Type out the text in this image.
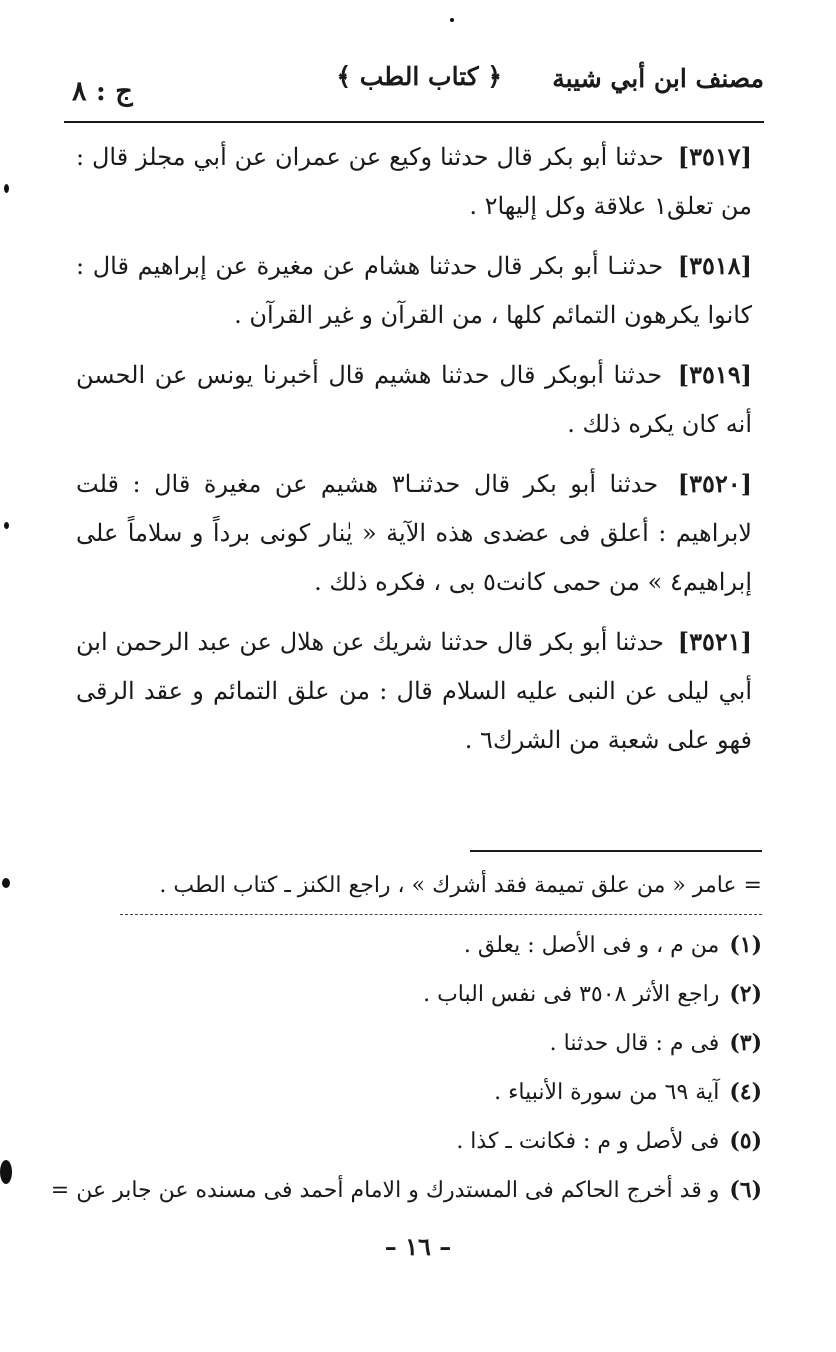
مصنف ابن أبي شيبة
﴿ كتاب الطب ﴾
ج : ٨

[ ٣٥١٧ ] حدثنا أبو بكر قال حدثنا وكيع عن عمران عن أبي مجلز قال : من تعلق١ علاقة وكل إليها٢ .

[ ٣٥١٨ ] حدثنـا أبو بكر قال حدثنا هشام عن مغيرة عن إبراهيم قال : كانوا يكرهون التمائم كلها ، من القرآن و غير القرآن .

[ ٣٥١٩ ] حدثنا أبوبكر قال حدثنا هشيم قال أخبرنا يونس عن الحسن أنه كان يكره ذلك .

[ ٣٥٢٠ ] حدثنا أبو بكر قال حدثنـا٣ هشيم عن مغيرة قال : قلت لابراهيم : أعلق فى عضدى هذه الآية « يٰنار كونى برداً و سلاماً على إبراهيم٤ » من حمى كانت٥ بى ، فكره ذلك .

[ ٣٥٢١ ] حدثنا أبو بكر قال حدثنا شريك عن هلال عن عبد الرحمن ابن أبي ليلى عن النبى عليه السلام قال : من علق التمائم و عقد الرقى فهو على شعبة من الشرك٦ .

= عامر « من علق تميمة فقد أشرك » ، راجع الكنز ـ كتاب الطب .
( ١ )من م ، و فى الأصل : يعلق .
( ٢ )راجع الأثر ٣٥٠٨ فى نفس الباب .
( ٣ )فى م : قال حدثنا .
( ٤ )آية ٦٩ من سورة الأنبياء .
( ٥ )فى لأصل و م : فكانت ـ كذا .
( ٦ )و قد أخرج الحاكم فى المستدرك و الامام أحمد فى مسنده عن جابر عن =
– ١٦ –
